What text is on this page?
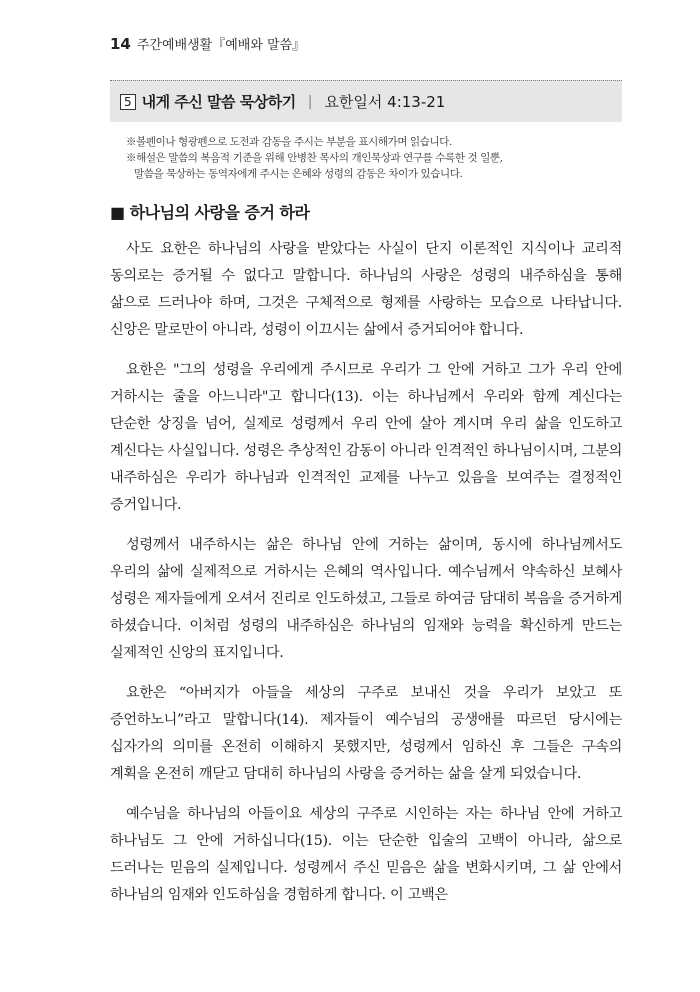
14 주간예배생활『예배와 말씀』
5 내게 주신 말씀 묵상하기 | 요한일서 4:13-21

※볼펜이나 형광펜으로 도전과 감동을 주시는 부분을 표시해가며 읽습니다.

※해설은 말씀의 복음적 기준을 위해 안병찬 목사의 개인묵상과 연구를 수록한 것 일뿐,

말씀을 묵상하는 동역자에게 주시는 은혜와 성령의 감동은 차이가 있습니다.

■ 하나님의 사랑을 증거 하라

사도 요한은 하나님의 사랑을 받았다는 사실이 단지 이론적인 지식이나 교리적 동의로는 증거될 수 없다고 말합니다. 하나님의 사랑은 성령의 내주하심을 통해 삶으로 드러나야 하며, 그것은 구체적으로 형제를 사랑하는 모습으로 나타납니다. 신앙은 말로만이 아니라, 성령이 이끄시는 삶에서 증거되어야 합니다.

요한은 "그의 성령을 우리에게 주시므로 우리가 그 안에 거하고 그가 우리 안에 거하시는 줄을 아느니라"고 합니다(13). 이는 하나님께서 우리와 함께 계신다는 단순한 상징을 넘어, 실제로 성령께서 우리 안에 살아 계시며 우리 삶을 인도하고 계신다는 사실입니다. 성령은 추상적인 감동이 아니라 인격적인 하나님이시며, 그분의 내주하심은 우리가 하나님과 인격적인 교제를 나누고 있음을 보여주는 결정적인 증거입니다.

성령께서 내주하시는 삶은 하나님 안에 거하는 삶이며, 동시에 하나님께서도 우리의 삶에 실제적으로 거하시는 은혜의 역사입니다. 예수님께서 약속하신 보혜사 성령은 제자들에게 오셔서 진리로 인도하셨고, 그들로 하여금 담대히 복음을 증거하게 하셨습니다. 이처럼 성령의 내주하심은 하나님의 임재와 능력을 확신하게 만드는 실제적인 신앙의 표지입니다.

요한은 “아버지가 아들을 세상의 구주로 보내신 것을 우리가 보았고 또 증언하노니”라고 말합니다(14). 제자들이 예수님의 공생애를 따르던 당시에는 십자가의 의미를 온전히 이해하지 못했지만, 성령께서 임하신 후 그들은 구속의 계획을 온전히 깨닫고 담대히 하나님의 사랑을 증거하는 삶을 살게 되었습니다.

예수님을 하나님의 아들이요 세상의 구주로 시인하는 자는 하나님 안에 거하고 하나님도 그 안에 거하십니다(15). 이는 단순한 입술의 고백이 아니라, 삶으로 드러나는 믿음의 실제입니다. 성령께서 주신 믿음은 삶을 변화시키며, 그 삶 안에서 하나님의 임재와 인도하심을 경험하게 합니다. 이 고백은
